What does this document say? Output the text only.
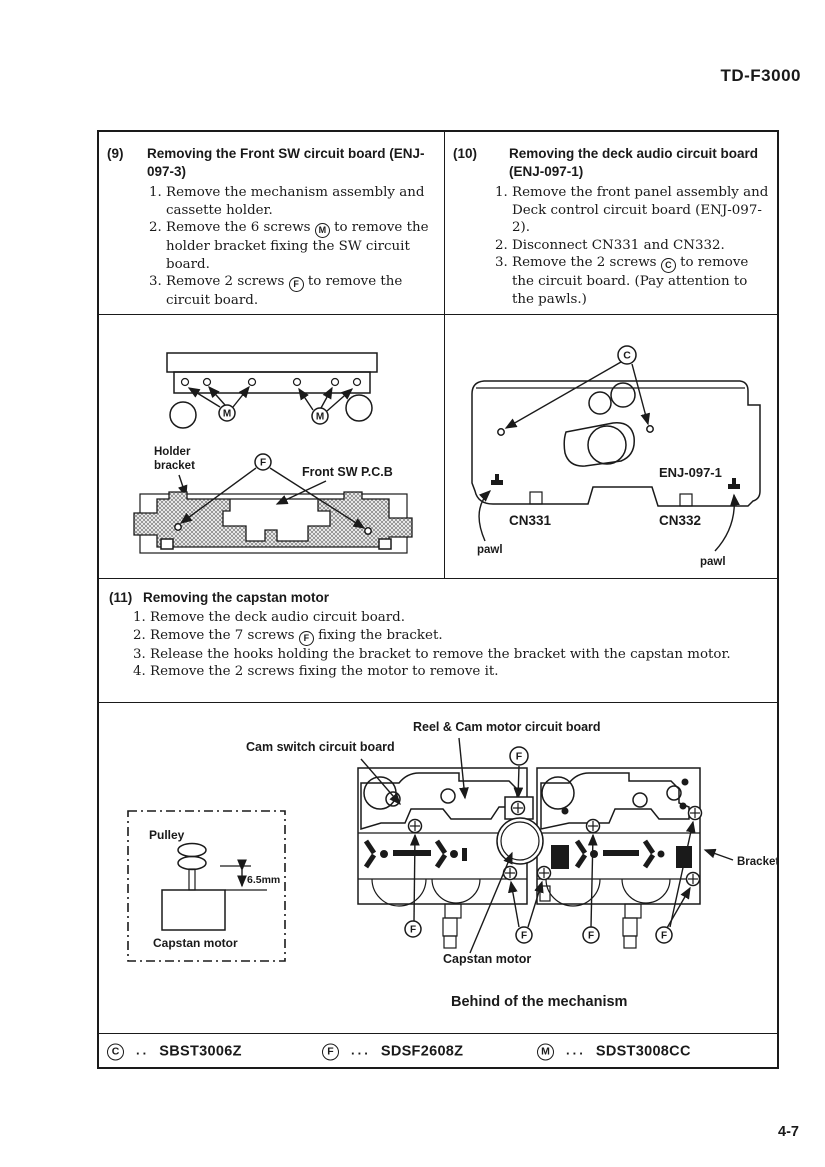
TD-F3000
(9)	Removing the Front SW circuit board (ENJ-097-3)
1. Remove the mechanism assembly and cassette holder.
2. Remove the 6 screws M to remove the holder bracket fixing the SW circuit board.
3. Remove 2 screws F to remove the circuit board.
(10)	Removing the deck audio circuit board (ENJ-097-1)
1. Remove the front panel assembly and Deck control circuit board (ENJ-097-2).
2. Disconnect CN331 and CN332.
3. Remove the 2 screws C to remove the circuit board. (Pay attention to the pawls.)
M	M
Holder
bracket	F
Front SW P.C.B
C
ENJ-097-1
CN331	CN332
pawl
pawl
(11) Removing the capstan motor
1. Remove the deck audio circuit board.
2. Remove the 7 screws F fixing the bracket.
3. Release the hooks holding the bracket to remove the bracket with the capstan motor.
4. Remove the 2 screws fixing the motor to remove it.
Cam switch circuit board
Reel & Cam motor circuit board
F
F
F	F	F
Bracket
Capstan motor
Pulley
6.5mm
Capstan motor
Behind of the mechanism
C	.. SBST3006Z	F	... SDSF2608Z	M	... SDST3008CC
4-7
